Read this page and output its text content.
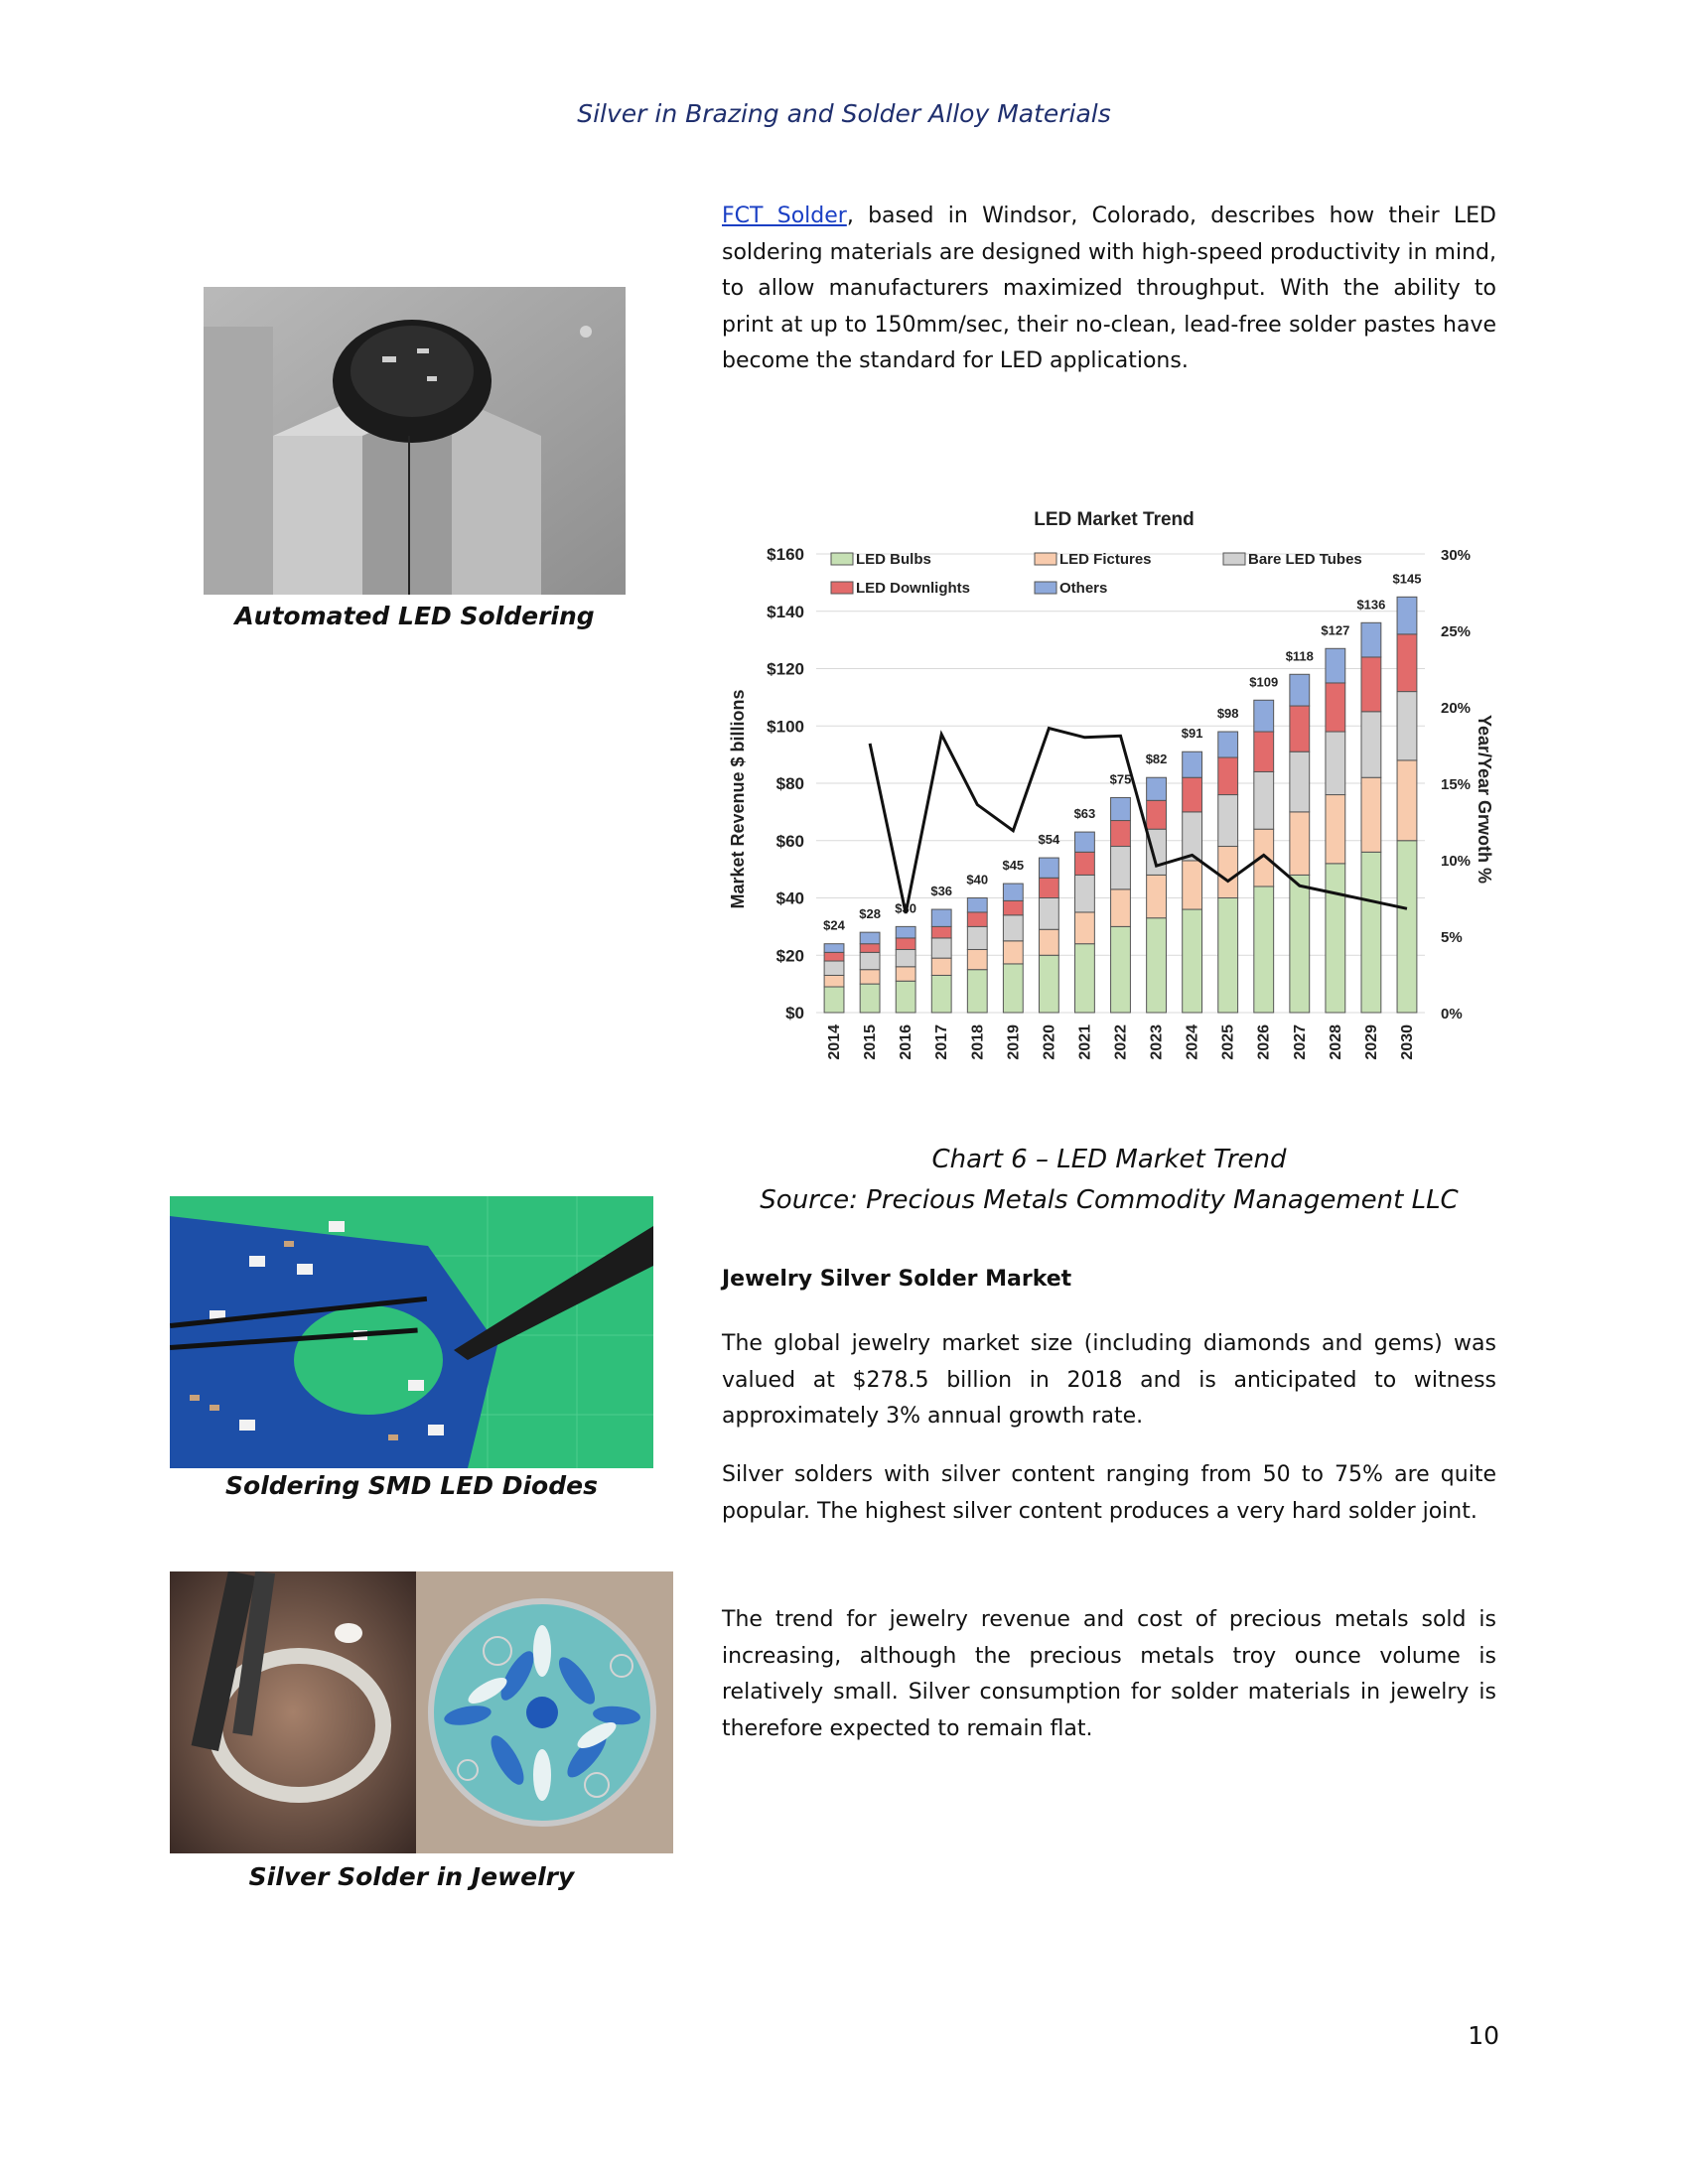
Silver in Brazing and Solder Alloy Materials

FCT Solder, based in Windsor, Colorado, describes how their LED soldering materials are designed with high-speed productivity in mind, to allow manufacturers maximized throughput. With the ability to print at up to 150mm/sec, their no-clean, lead-free solder pastes have become the standard for LED applications.

Automated LED Soldering
LED Market Trend
$0
$20
$40
$60
$80
$100
$120
$140
$160
0%
5%
10%
15%
20%
25%
30%
$24
$28 $30
$36
$40
$45
$54
$63
$75
$82
$91
$98
$109
$118
$127
$136
$145
2014 2015 2016 2017 2018 2019 2020 2021 2022 2023 2024 2025 2026 2027 2028 2029 2030
LED Bulbs	LED Fictures	Bare LED Tubes
LED Downlights	Others
Market Revenue $ billions	Year/Year Grwoth %
Chart 6 – LED Market Trend
Source: Precious Metals Commodity Management LLC
Soldering SMD LED Diodes
Jewelry Silver Solder Market

The global jewelry market size (including diamonds and gems) was valued at $278.5 billion in 2018 and is anticipated to witness approximately 3% annual growth rate.

Silver solders with silver content ranging from 50 to 75% are quite popular. The highest silver content produces a very hard solder joint.

The trend for jewelry revenue and cost of precious metals sold is increasing, although the precious metals troy ounce volume is relatively small. Silver consumption for solder materials in jewelry is therefore expected to remain flat.

Silver Solder in Jewelry
10
